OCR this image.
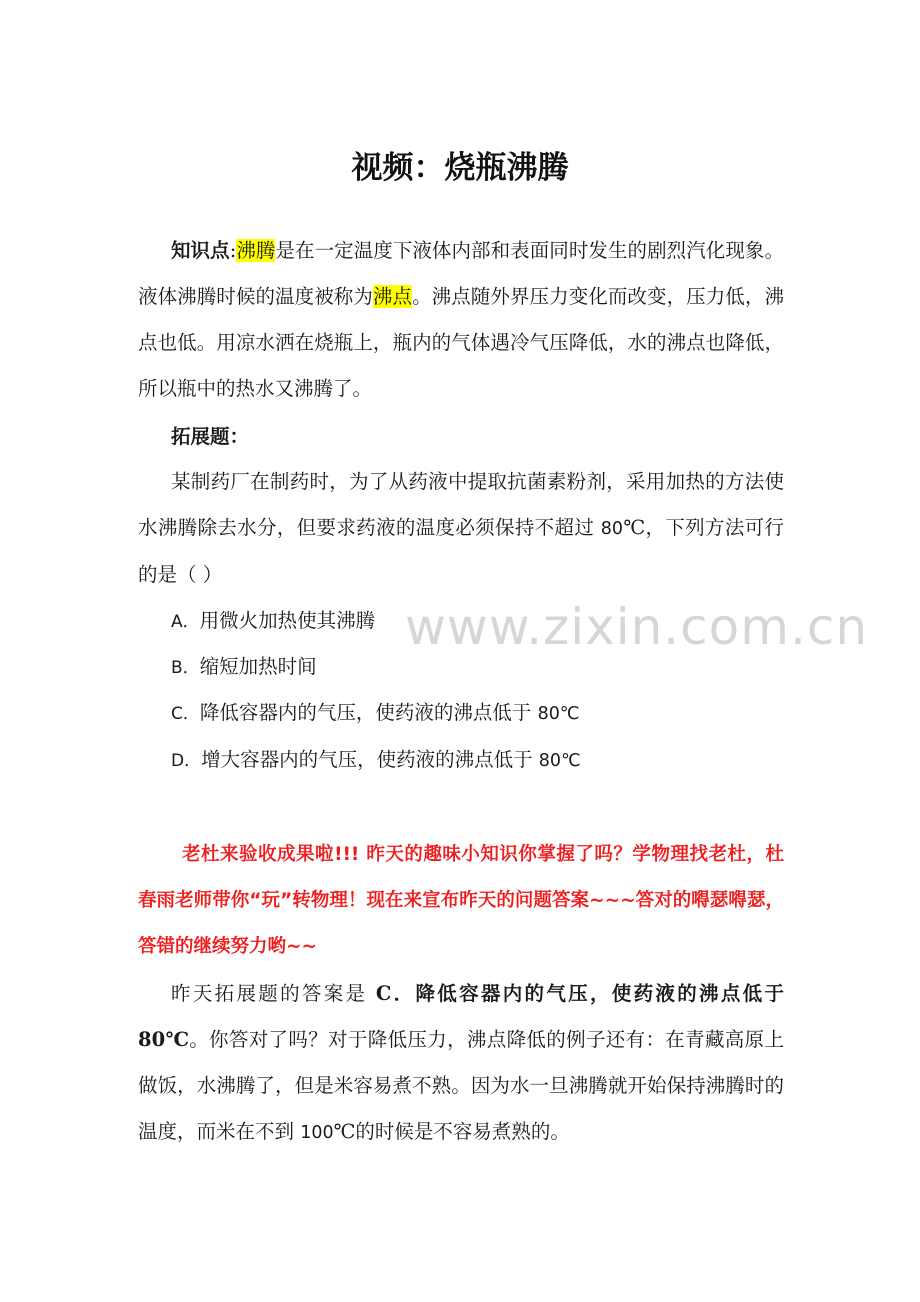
视频：烧瓶沸腾
知识点:沸腾是在一定温度下液体内部和表面同时发生的剧烈汽化现象。液体沸腾时候的温度被称为沸点。沸点随外界压力变化而改变，压力低，沸点也低。用凉水洒在烧瓶上，瓶内的气体遇冷气压降低，水的沸点也降低，所以瓶中的热水又沸腾了。
拓展题：
某制药厂在制药时，为了从药液中提取抗菌素粉剂，采用加热的方法使水沸腾除去水分，但要求药液的温度必须保持不超过 80℃，下列方法可行的是（ ）
A．用微火加热使其沸腾
B．缩短加热时间
C．降低容器内的气压，使药液的沸点低于 80℃
D．增大容器内的气压，使药液的沸点低于 80℃
www.zixin.com.cn
老杜来验收成果啦!!! 昨天的趣味小知识你掌握了吗？学物理找老杜，杜春雨老师带你“玩”转物理！现在来宣布昨天的问题答案~~~答对的嘚瑟嘚瑟，答错的继续努力哟~~
昨天拓展题的答案是 C．降低容器内的气压，使药液的沸点低于 80℃。你答对了吗？对于降低压力，沸点降低的例子还有：在青藏高原上做饭，水沸腾了，但是米容易煮不熟。因为水一旦沸腾就开始保持沸腾时的温度，而米在不到 100℃的时候是不容易煮熟的。
